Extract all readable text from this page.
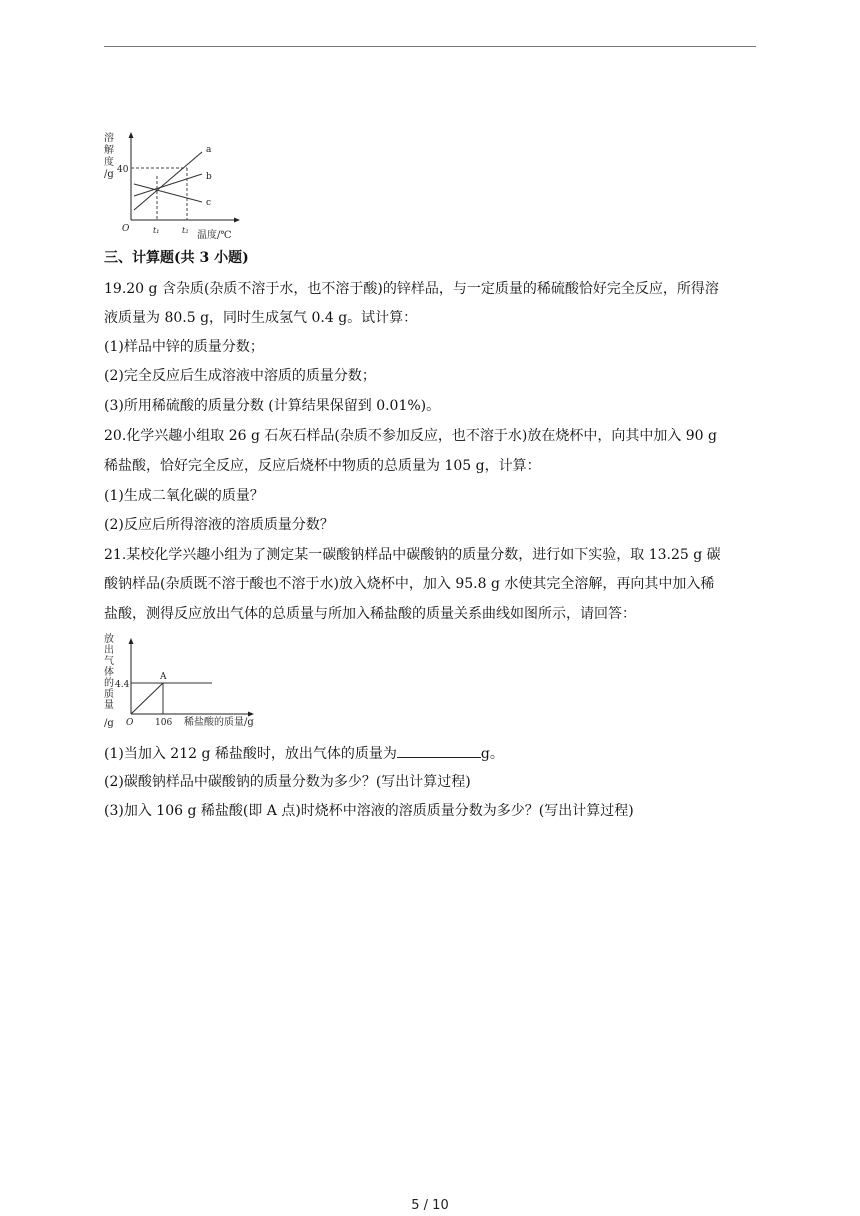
溶
解
度
/g 40
O	t₁	t₂ 温度/℃
a
b
c
三、计算题(共 3 小题)
19.20 g 含杂质(杂质不溶于水，也不溶于酸)的锌样品，与一定质量的稀硫酸恰好完全反应，所得溶
液质量为 80.5 g，同时生成氢气 0.4 g。试计算：
(1)样品中锌的质量分数；
(2)完全反应后生成溶液中溶质的质量分数；
(3)所用稀硫酸的质量分数 (计算结果保留到 0.01%)。
20.化学兴趣小组取 26 g 石灰石样品(杂质不参加反应，也不溶于水)放在烧杯中，向其中加入 90 g
稀盐酸，恰好完全反应，反应后烧杯中物质的总质量为 105 g，计算：
(1)生成二氧化碳的质量？
(2)反应后所得溶液的溶质质量分数？
21.某校化学兴趣小组为了测定某一碳酸钠样品中碳酸钠的质量分数，进行如下实验，取 13.25 g 碳
酸钠样品(杂质既不溶于酸也不溶于水)放入烧杯中，加入 95.8 g 水使其完全溶解，再向其中加入稀
盐酸，测得反应放出气体的总质量与所加入稀盐酸的质量关系曲线如图所示，请回答：
放
出
气
体
的
质
量
/g
4.4
O 106 稀盐酸的质量/g
A
(1)当加入 212 g 稀盐酸时，放出气体的质量为	g。
(2)碳酸钠样品中碳酸钠的质量分数为多少？(写出计算过程)
(3)加入 106 g 稀盐酸(即 A 点)时烧杯中溶液的溶质质量分数为多少？(写出计算过程)
5 / 10
